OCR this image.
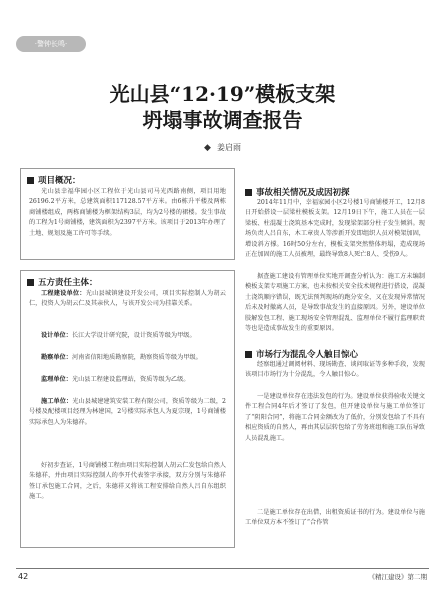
·警钟长鸣·
光山县“12·19”模板支架
坍塌事故调查报告
◆ 姜启雨
项目概况：

光山县幸福华园小区工程位于光山县司马光西路南侧，项目用地26196.2平方米，总建筑面积117128.57平方米。由6栋升平楼及两栋商铺楼组成，两栋商铺楼为框架结构3层，均为2号楼的裙楼。发生事故的工程为1号商铺楼，建筑面积为2397平方米。该项目于2013年办理了土地、规划及施工许可等手续。

五方责任主体：

工程建设单位：光山县城镇建设开发公司，项目实际控制人为胡云仁，投资人为胡云仁及其亲伙人，与该开发公司为挂靠关系。

设计单位：长江大学设计研究院，设计资质等级为甲级。

勘察单位：河南省信阳地质勘察院，勘察资质等级为甲级。

监理单位：光山县工程建设监理站，资质等级为乙级。

施工单位：光山县城建建筑安装工程有限公司，资质等级为二级，2号楼及配楼项目经理为林建国，2号楼实际承包人为夏宗现，1号商铺楼实际承包人为朱德祥。

好初步查证，1号商铺楼工程由项目实际控制人胡云仁发包给自然人朱德祥，并由项目实际控制人的李开代表签字承接，双方分别与朱德祥签订承包施工合同，之后，朱德祥又将该工程安排给自然人吕自东组织施工。

事故相关情况及成因初探

2014年11月中，幸福家园小区2号楼1号商铺楼开工，12月8日开始搭设一层梁柱模板支架。12月19日下午，施工人员在一层梁板、柱混凝土浇筑基本完成时，发现梁架部分柱子发生倾斜。现场负责人吕自东，木工章贵人等涉新开发即组织人员对模架加固，增设斜方撑。16时50分左右，模板支架突然整体坍塌，造成现场正在加固的施工人员被埋，最终导致8人死亡8人、受伤9人。

据查施工建设有管理单位实地开调查分析认为：施工方未编制模板支架专项施工方案，也未按相关安全技术规程进行搭设，混凝土浇筑顺序错误，既无法预判现场的跑分安全，又在发现异常情况后未及时撤离人员，是导致事故发生的直接原因。另外，建设单位肢解发包工程、施工现场安全管理混乱、监理单位不履行监理职责等也是造成事故发生的重要原因。

市场行为混乱令人触目惊心

经察组通过调阅材料、现场勘查、谈问取证等多种手段，发现该项目市场行为十分混乱，令人触目惊心。

一是建设单位存在违法发包的行为。建设单位获得验收关键文件工程合同4年后才签订了发包，但开建设单位与施工单位签订了“阴阳合同”，将施工合同金额改为了低价，分别发包给了不具有相应资质的自然人，再由其层层转包给了劳务班组和施工队伍导致人员混乱施工。

二是施工单位存在出借，出租资质证书的行为。建设单位与施工单位双方本不签订了“合作管

42	《精江建设》第二期
